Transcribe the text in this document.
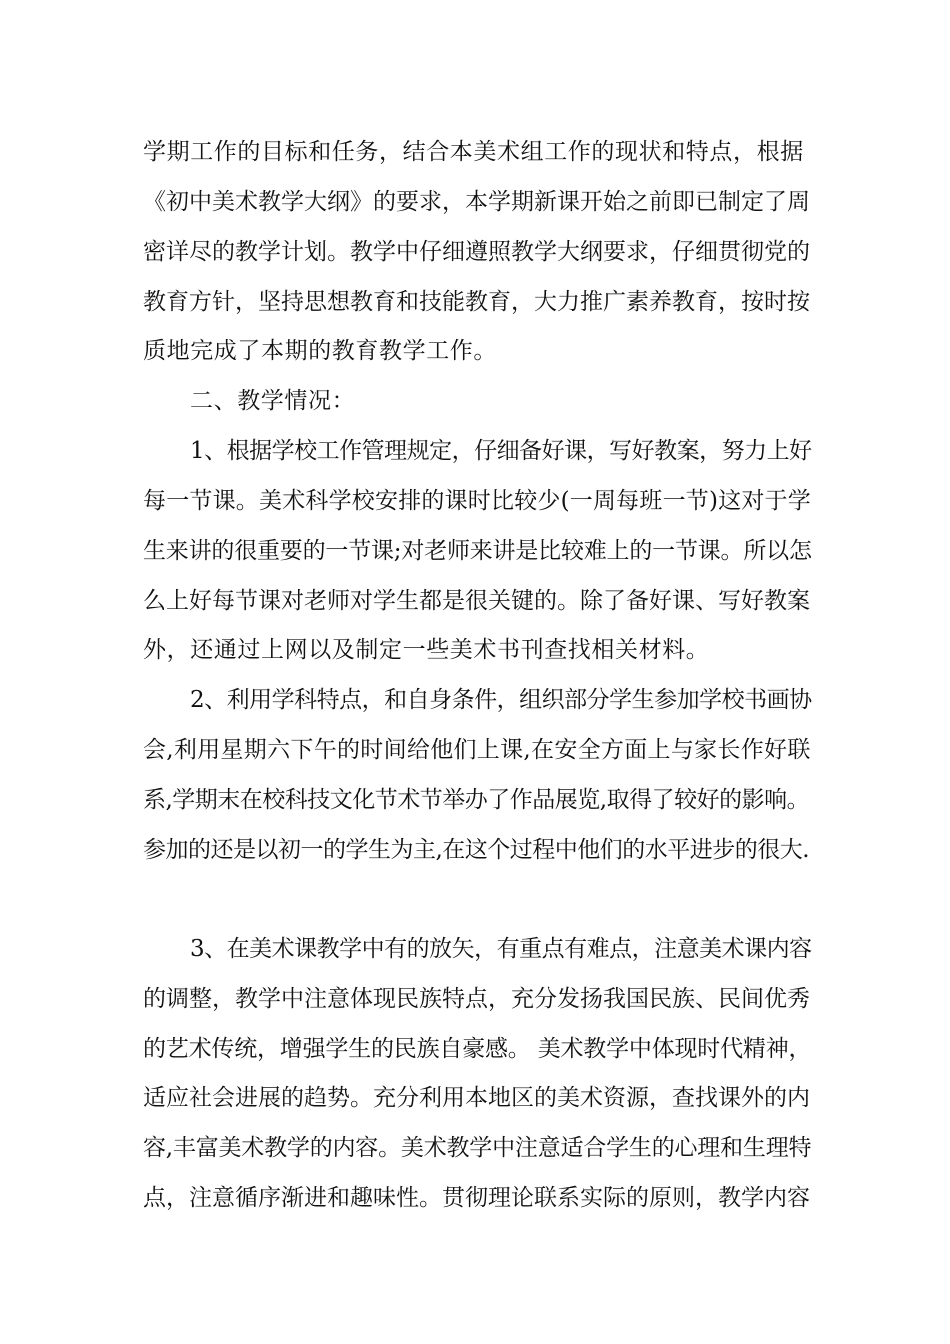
学期工作的目标和任务，结合本美术组工作的现状和特点，根据
《初中美术教学大纲》的要求，本学期新课开始之前即已制定了周
密详尽的教学计划。教学中仔细遵照教学大纲要求，仔细贯彻党的
教育方针，坚持思想教育和技能教育，大力推广素养教育，按时按
质地完成了本期的教育教学工作。
二、教学情况：
1、根据学校工作管理规定，仔细备好课，写好教案，努力上好
每一节课。美术科学校安排的课时比较少(一周每班一节)这对于学
生来讲的很重要的一节课;对老师来讲是比较难上的一节课。所以怎
么上好每节课对老师对学生都是很关键的。除了备好课、写好教案
外，还通过上网以及制定一些美术书刊查找相关材料。
2、利用学科特点，和自身条件，组织部分学生参加学校书画协
会,利用星期六下午的时间给他们上课,在安全方面上与家长作好联
系,学期末在校科技文化节术节举办了作品展览,取得了较好的影响。
参加的还是以初一的学生为主,在这个过程中他们的水平进步的很大.
3、在美术课教学中有的放矢，有重点有难点，注意美术课内容
的调整，教学中注意体现民族特点，充分发扬我国民族、民间优秀
的艺术传统，增强学生的民族自豪感。 美术教学中体现时代精神，
适应社会进展的趋势。充分利用本地区的美术资源，查找课外的内
容,丰富美术教学的内容。美术教学中注意适合学生的心理和生理特
点，注意循序渐进和趣味性。贯彻理论联系实际的原则，教学内容
